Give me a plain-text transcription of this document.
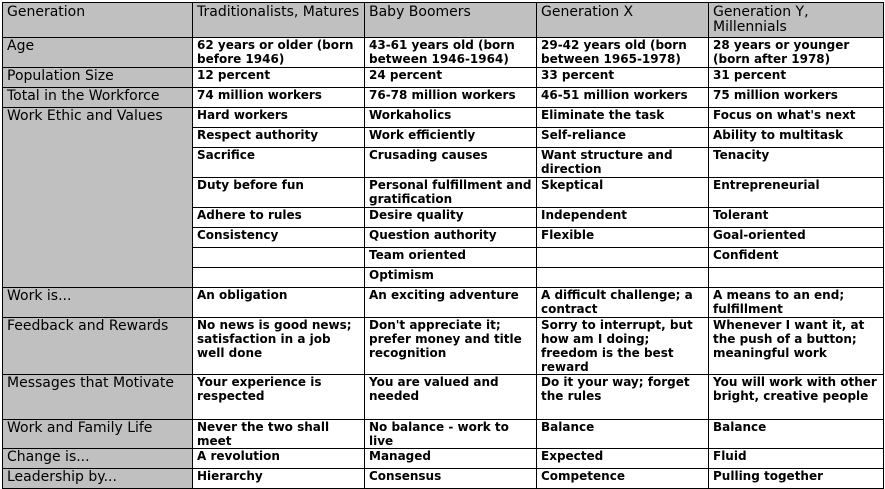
Generation	Traditionalists, Matures	Baby Boomers	Generation X	Generation Y, Millennials
Age	62 years or older (born before 1946)	43-61 years old (born between 1946-1964)	29-42 years old (born between 1965-1978)	28 years or younger (born after 1978)
Population Size	12 percent	24 percent	33 percent	31 percent
Total in the Workforce	74 million workers	76-78 million workers	46-51 million workers	75 million workers
Work Ethic and Values	Hard workers	Workaholics	Eliminate the task	Focus on what's next
	Respect authority	Work efficiently	Self-reliance	Ability to multitask
	Sacrifice	Crusading causes	Want structure and direction	Tenacity
	Duty before fun	Personal fulfillment and gratification	Skeptical	Entrepreneurial
	Adhere to rules	Desire quality	Independent	Tolerant
	Consistency	Question authority	Flexible	Goal-oriented
		Team oriented		Confident
		Optimism		
Work is...	An obligation	An exciting adventure	A difficult challenge; a contract	A means to an end; fulfillment
Feedback and Rewards	No news is good news; satisfaction in a job well done	Don't appreciate it; prefer money and title recognition	Sorry to interrupt, but how am I doing; freedom is the best reward	Whenever I want it, at the push of a button; meaningful work
Messages that Motivate	Your experience is respected	You are valued and needed	Do it your way; forget the rules	You will work with other bright, creative people
Work and Family Life	Never the two shall meet	No balance - work to live	Balance	Balance
Change is...	A revolution	Managed	Expected	Fluid
Leadership by...	Hierarchy	Consensus	Competence	Pulling together
